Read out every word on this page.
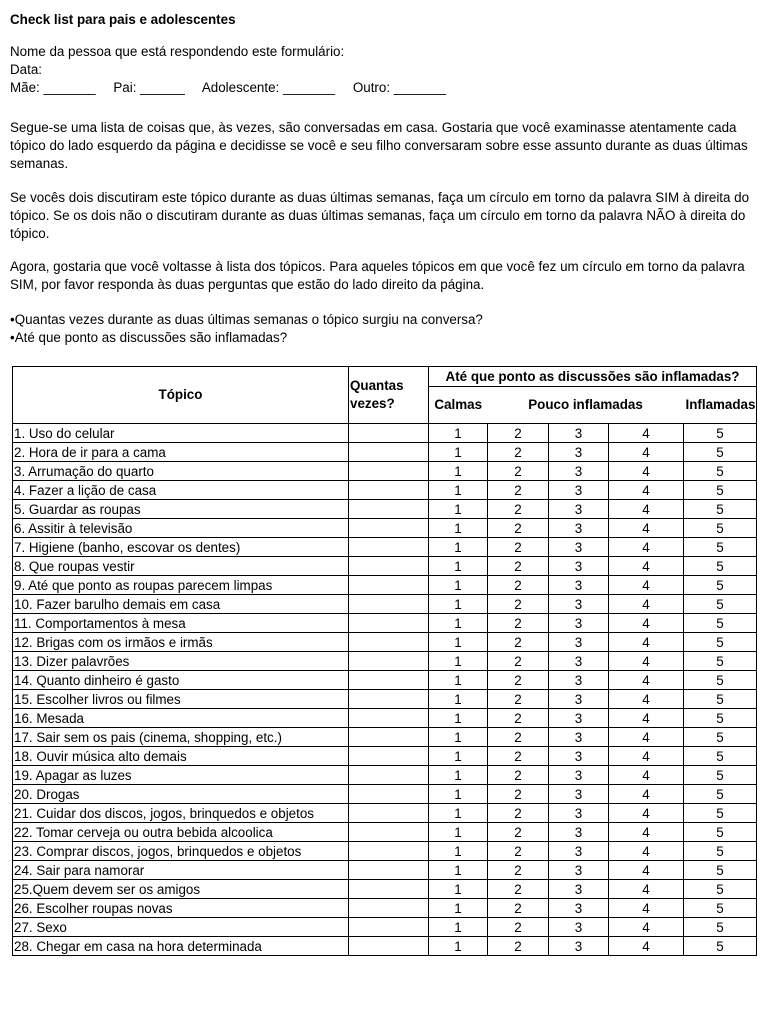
Check list para pais e adolescentes

Nome da pessoa que está respondendo este formulário:

Data:

Mãe: _______ Pai: ______ Adolescente: _______ Outro: _______

Segue-se uma lista de coisas que, às vezes, são conversadas em casa. Gostaria que você examinasse atentamente cada tópico do lado esquerdo da página e decidisse se você e seu filho conversaram sobre esse assunto durante as duas últimas semanas.

Se vocês dois discutiram este tópico durante as duas últimas semanas, faça um círculo em torno da palavra SIM à direita do tópico. Se os dois não o discutiram durante as duas últimas semanas, faça um círculo em torno da palavra NÃO à direita do tópico.

Agora, gostaria que você voltasse à lista dos tópicos. Para aqueles tópicos em que você fez um círculo em torno da palavra SIM, por favor responda às duas perguntas que estão do lado direito da página.

•Quantas vezes durante as duas últimas semanas o tópico surgiu na conversa?

•Até que ponto as discussões são inflamadas?

Tópico	Quantas vezes?	Até que ponto as discussões são inflamadas?				
		Calmas	Pouco inflamadas			Inflamadas
1. Uso do celular		1	2	3	4	5
2. Hora de ir para a cama		1	2	3	4	5
3. Arrumação do quarto		1	2	3	4	5
4. Fazer a lição de casa		1	2	3	4	5
5. Guardar as roupas		1	2	3	4	5
6. Assitir à televisão		1	2	3	4	5
7. Higiene (banho, escovar os dentes)		1	2	3	4	5
8. Que roupas vestir		1	2	3	4	5
9. Até que ponto as roupas parecem limpas		1	2	3	4	5
10. Fazer barulho demais em casa		1	2	3	4	5
11. Comportamentos à mesa		1	2	3	4	5
12. Brigas com os irmãos e irmãs		1	2	3	4	5
13. Dizer palavrões		1	2	3	4	5
14. Quanto dinheiro é gasto		1	2	3	4	5
15. Escolher livros ou filmes		1	2	3	4	5
16. Mesada		1	2	3	4	5
17. Sair sem os pais (cinema, shopping, etc.)		1	2	3	4	5
18. Ouvir música alto demais		1	2	3	4	5
19. Apagar as luzes		1	2	3	4	5
20. Drogas		1	2	3	4	5
21. Cuidar dos discos, jogos, brinquedos e objetos		1	2	3	4	5
22. Tomar cerveja ou outra bebida alcoolica		1	2	3	4	5
23. Comprar discos, jogos, brinquedos e objetos		1	2	3	4	5
24. Sair para namorar		1	2	3	4	5
25.Quem devem ser os amigos		1	2	3	4	5
26. Escolher roupas novas		1	2	3	4	5
27. Sexo		1	2	3	4	5
28. Chegar em casa na hora determinada		1	2	3	4	5
